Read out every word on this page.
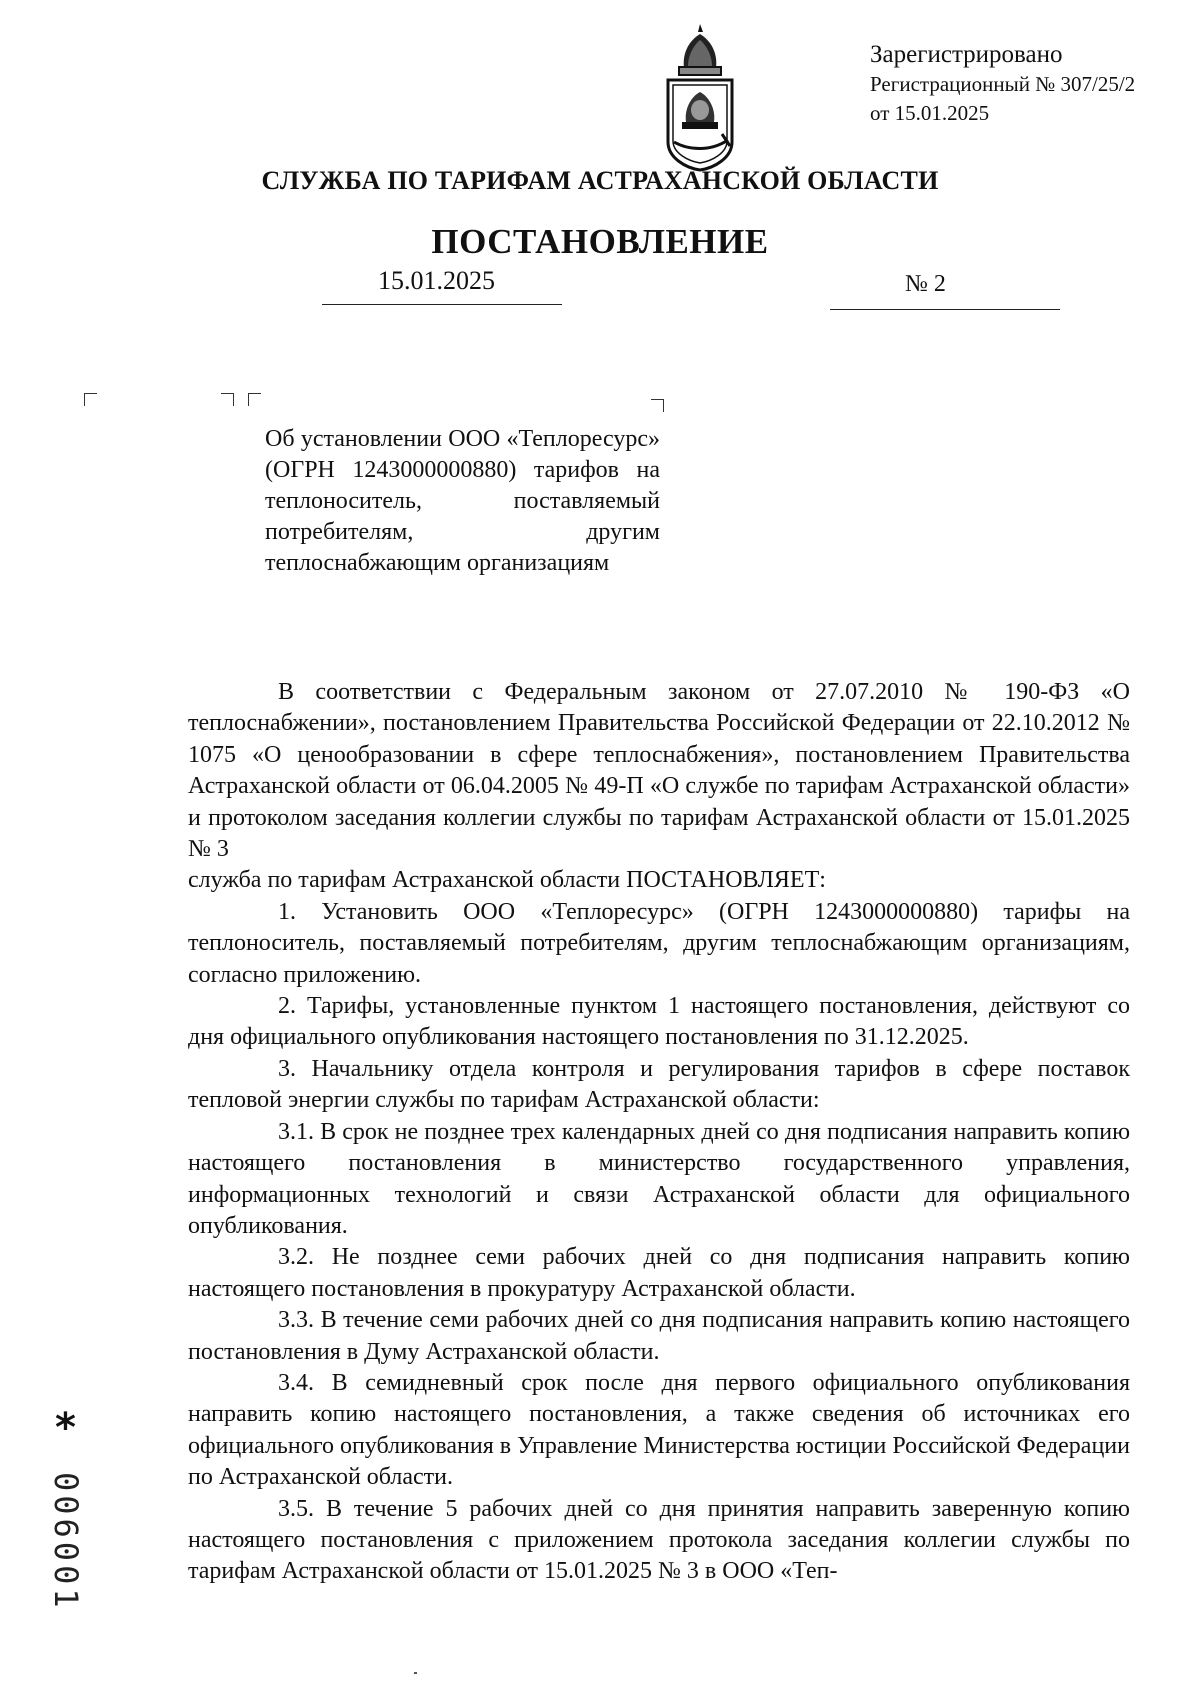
Зарегистрировано
Регистрационный № 307/25/2
от 15.01.2025
СЛУЖБА ПО ТАРИФАМ АСТРАХАНСКОЙ ОБЛАСТИ
ПОСТАНОВЛЕНИЕ
15.01.2025	№ 2
Об установлении ООО «Теплоресурс» (ОГРН 1243000000880) тарифов на теплоноситель, поставляемый потребителям, другим теплоснабжающим организациям

В соответствии с Федеральным законом от 27.07.2010 № 190-ФЗ «О теплоснабжении», постановлением Правительства Российской Федерации от 22.10.2012 № 1075 «О ценообразовании в сфере теплоснабжения», постановлением Правительства Астраханской области от 06.04.2005 № 49-П «О службе по тарифам Астраханской области» и протоколом заседания коллегии службы по тарифам Астраханской области от 15.01.2025 № 3

служба по тарифам Астраханской области ПОСТАНОВЛЯЕТ:

1. Установить ООО «Теплоресурс» (ОГРН 1243000000880) тарифы на теплоноситель, поставляемый потребителям, другим теплоснабжающим организациям, согласно приложению.

2. Тарифы, установленные пунктом 1 настоящего постановления, действуют со дня официального опубликования настоящего постановления по 31.12.2025.

3. Начальнику отдела контроля и регулирования тарифов в сфере поставок тепловой энергии службы по тарифам Астраханской области:

3.1. В срок не позднее трех календарных дней со дня подписания направить копию настоящего постановления в министерство государственного управления, информационных технологий и связи Астраханской области для официального опубликования.

3.2. Не позднее семи рабочих дней со дня подписания направить копию настоящего постановления в прокуратуру Астраханской области.

3.3. В течение семи рабочих дней со дня подписания направить копию настоящего постановления в Думу Астраханской области.

3.4. В семидневный срок после дня первого официального опубликования направить копию настоящего постановления, а также сведения об источниках его официального опубликования в Управление Министерства юстиции Российской Федерации по Астраханской области.

3.5. В течение 5 рабочих дней со дня принятия направить заверенную копию настоящего постановления с приложением протокола заседания коллегии службы по тарифам Астраханской области от 15.01.2025 № 3 в ООО «Теп-

*
006001
